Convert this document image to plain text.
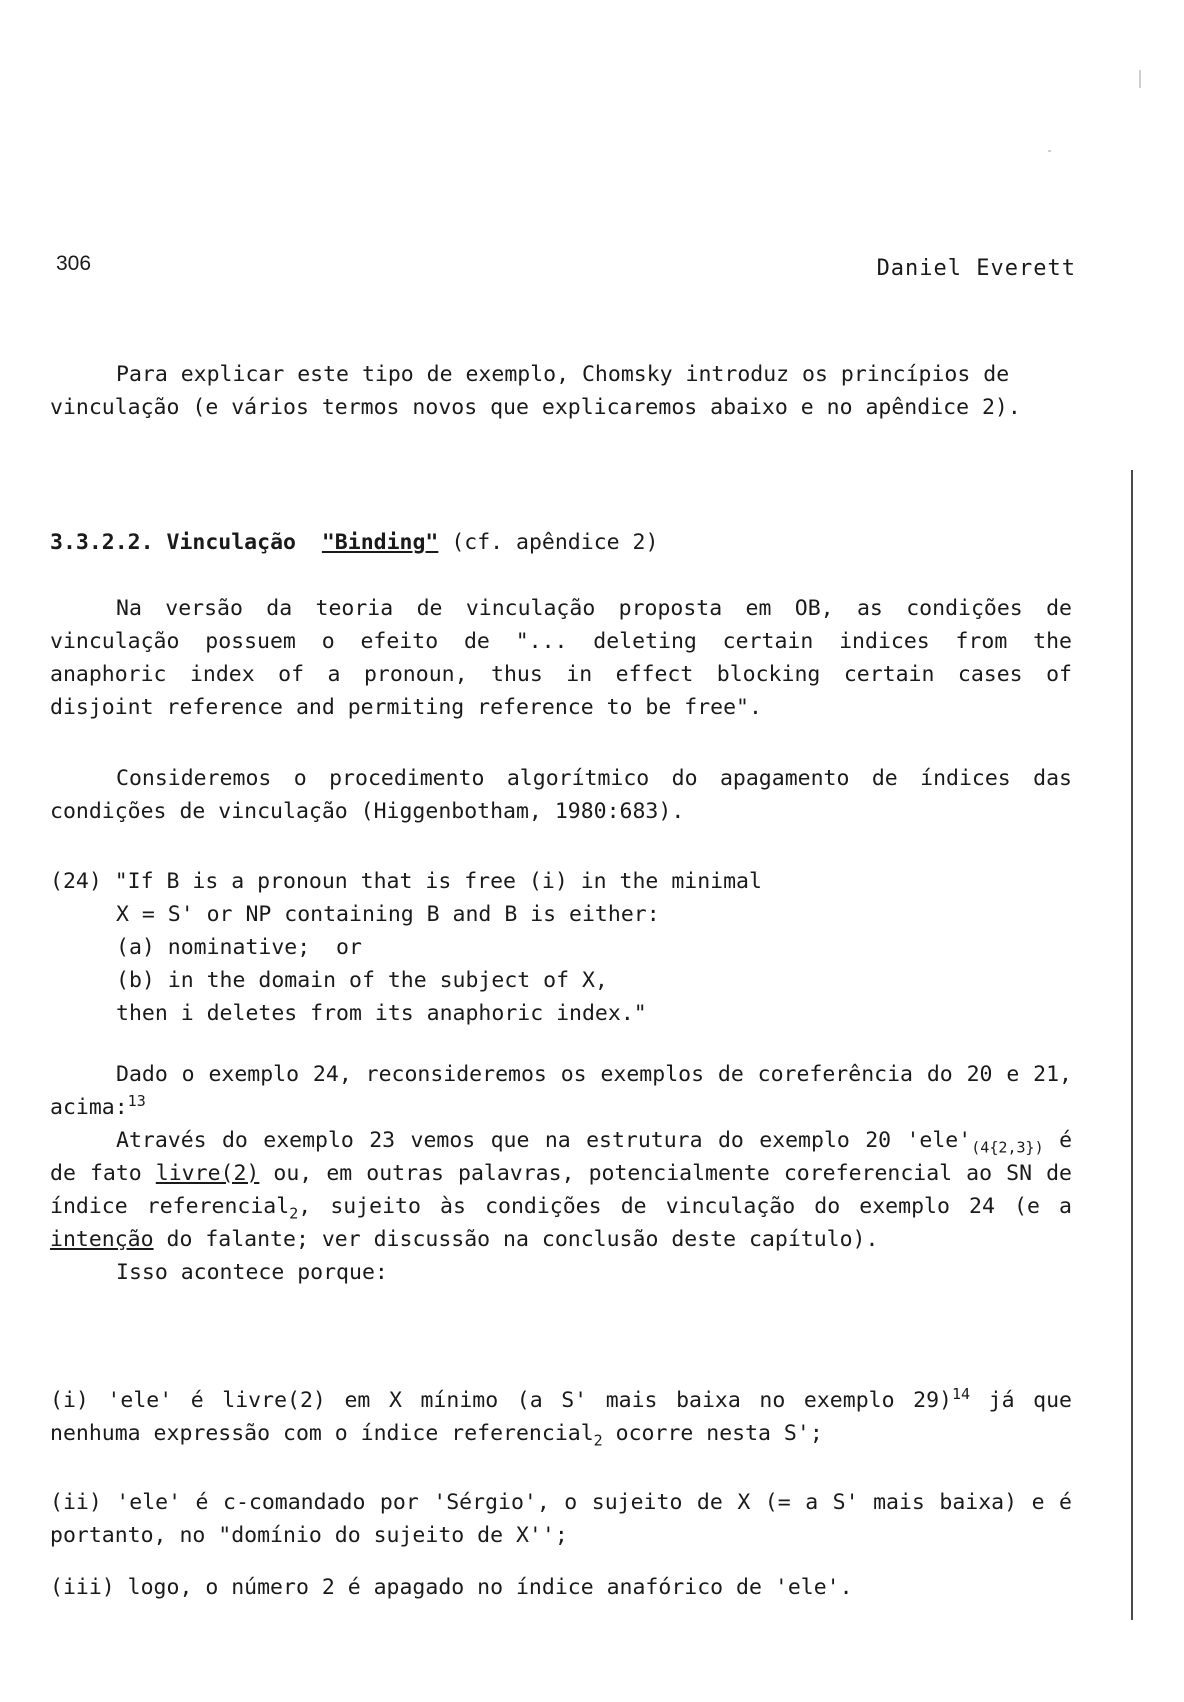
306	Daniel Everett

Para explicar este tipo de exemplo, Chomsky introduz os princípios de

vinculação (e vários termos novos que explicaremos abaixo e no apêndice 2).

3.3.2.2. Vinculação "Binding" (cf. apêndice 2)

Na versão da teoria de vinculação proposta em OB, as condições de vinculação possuem o efeito de "... deleting certain indices from the anaphoric index of a pronoun, thus in effect blocking certain cases of disjoint reference and permiting reference to be free".

Consideremos o procedimento algorítmico do apagamento de índices das condições de vinculação (Higgenbotham, 1980:683).

(24) "If B is a pronoun that is free (i) in the minimal
X = S' or NP containing B and B is either:
(a) nominative;  or
(b) in the domain of the subject of X,
then i deletes from its anaphoric index."

Dado o exemplo 24, reconsideremos os exemplos de coreferência do 20 e 21, acima:$^{13}$

Através do exemplo 23 vemos que na estrutura do exemplo 20 '$ele'_{(4\{2,3\})}$ é de fato livre(2) ou, em outras palavras, potencialmente coreferencial ao SN de índice referencial$_2$, sujeito às condições de vinculação do exemplo 24 (e a intenção do falante; ver discussão na conclusão deste capítulo).

Isso acontece porque:

(i) 'ele' é livre(2) em X mínimo (a S' mais baixa no exemplo 29)$^{14}$ já que nenhuma expressão com o índice referencial$_2$ ocorre nesta S';

(ii) 'ele' é c-comandado por 'Sérgio', o sujeito de X (= a S' mais baixa) e é portanto, no "domínio do sujeito de X'';

(iii) logo, o número 2 é apagado no índice anafórico de 'ele'.
